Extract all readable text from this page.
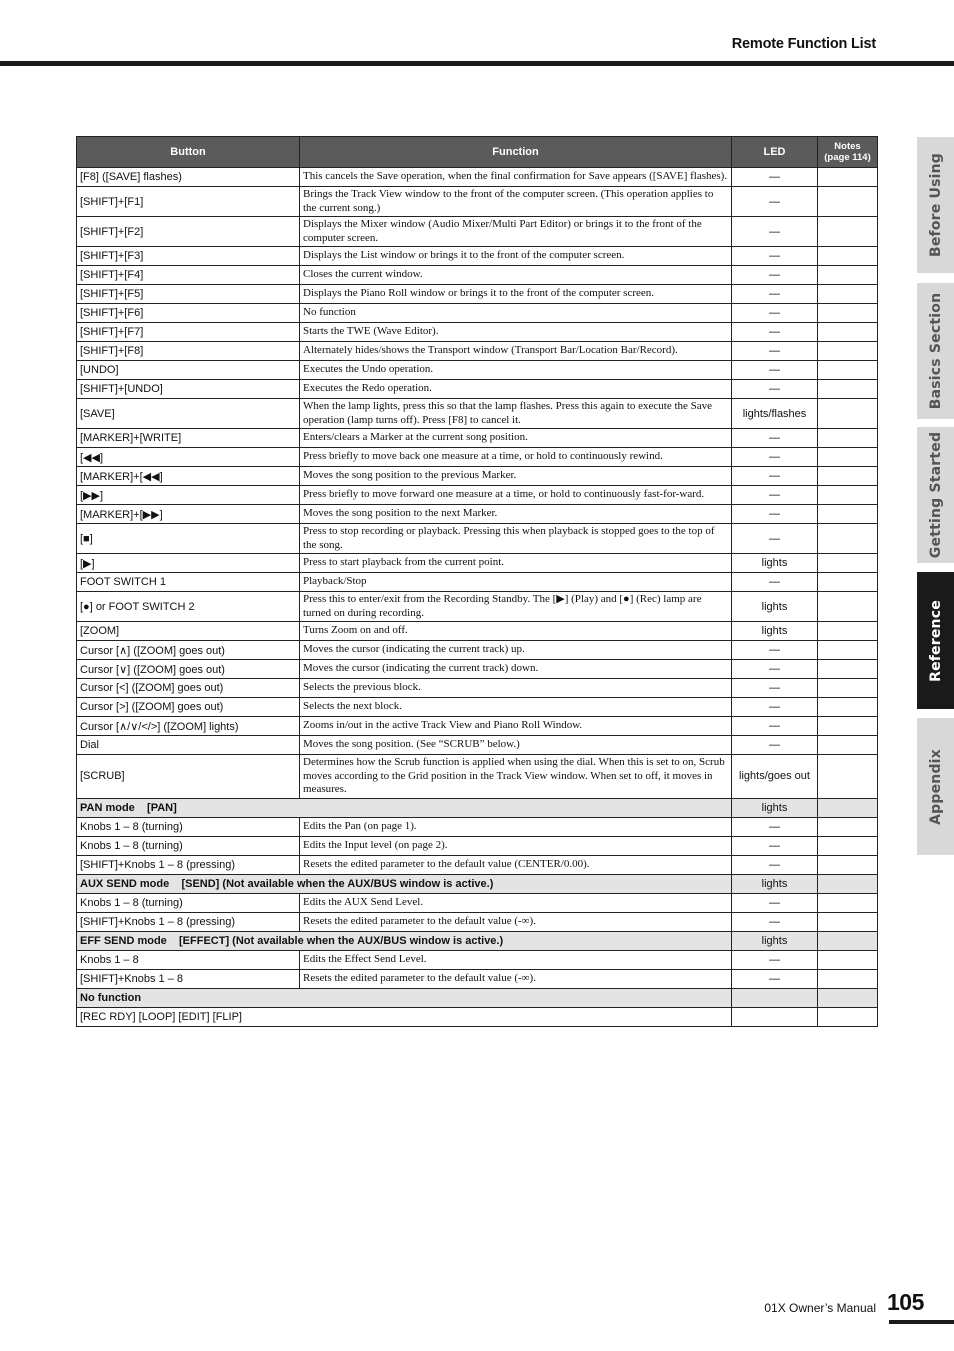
Remote Function List
Button	Function	LED	Notes
(page 114)

[F8] ([SAVE] flashes)	This cancels the Save operation, when the final confirmation for Save appears ([SAVE] flashes).	—	
[SHIFT]+[F1]	Brings the Track View window to the front of the computer screen. (This operation applies to the current song.)	—	
[SHIFT]+[F2]	Displays the Mixer window (Audio Mixer/Multi Part Editor) or brings it to the front of the computer screen.	—	
[SHIFT]+[F3]	Displays the List window or brings it to the front of the computer screen.	—	
[SHIFT]+[F4]	Closes the current window.	—	
[SHIFT]+[F5]	Displays the Piano Roll window or brings it to the front of the computer screen.	—	
[SHIFT]+[F6]	No function	—	
[SHIFT]+[F7]	Starts the TWE (Wave Editor).	—	
[SHIFT]+[F8]	Alternately hides/shows the Transport window (Transport Bar/Location Bar/Record).	—	
[UNDO]	Executes the Undo operation.	—	
[SHIFT]+[UNDO]	Executes the Redo operation.	—	
[SAVE]	When the lamp lights, press this so that the lamp flashes. Press this again to execute the Save operation (lamp turns off). Press [F8] to cancel it.	lights/flashes	
[MARKER]+[WRITE]	Enters/clears a Marker at the current song position.	—	
[◀◀]	Press briefly to move back one measure at a time, or hold to continuously rewind.	—	
[MARKER]+[◀◀]	Moves the song position to the previous Marker.	—	
[▶▶]	Press briefly to move forward one measure at a time, or hold to continuously fast-for-ward.	—	
[MARKER]+[▶▶]	Moves the song position to the next Marker.	—	
[■]	Press to stop recording or playback. Pressing this when playback is stopped goes to the top of the song.	—	
[▶]	Press to start playback from the current point.	lights	
FOOT SWITCH 1	Playback/Stop	—	
[●] or FOOT SWITCH 2	Press this to enter/exit from the Recording Standby. The [▶] (Play) and [●] (Rec) lamp are turned on during recording.	lights	
[ZOOM]	Turns Zoom on and off.	lights	
Cursor [∧] ([ZOOM] goes out)	Moves the cursor (indicating the current track) up.	—	
Cursor [∨] ([ZOOM] goes out)	Moves the cursor (indicating the current track) down.	—	
Cursor [<] ([ZOOM] goes out)	Selects the previous block.	—	
Cursor [>] ([ZOOM] goes out)	Selects the next block.	—	
Cursor [∧/∨/</>] ([ZOOM] lights)	Zooms in/out in the active Track View and Piano Roll Window.	—	
Dial	Moves the song position. (See “SCRUB” below.)	—	
[SCRUB]	Determines how the Scrub function is applied when using the dial. When this is set to on, Scrub moves according to the Grid position in the Track View window. When set to off, it moves in measures.	lights/goes out	
PAN mode    [PAN]		lights	
Knobs 1 – 8 (turning)	Edits the Pan (on page 1).	—	
Knobs 1 – 8 (turning)	Edits the Input level (on page 2).	—	
[SHIFT]+Knobs 1 – 8 (pressing)	Resets the edited parameter to the default value (CENTER/0.00).	—	
AUX SEND mode    [SEND] (Not available when the AUX/BUS window is active.)		lights	
Knobs 1 – 8 (turning)	Edits the AUX Send Level.	—	
[SHIFT]+Knobs 1 – 8 (pressing)	Resets the edited parameter to the default value (-∞).	—	
EFF SEND mode    [EFFECT] (Not available when the AUX/BUS window is active.)		lights	
Knobs 1 – 8	Edits the Effect Send Level.	—	
[SHIFT]+Knobs 1 – 8	Resets the edited parameter to the default value (-∞).	—	
No function			
[REC RDY] [LOOP] [EDIT] [FLIP]			
Before Using
Basics Section
Getting Started
Reference
Appendix
01X Owner’s Manual 105
